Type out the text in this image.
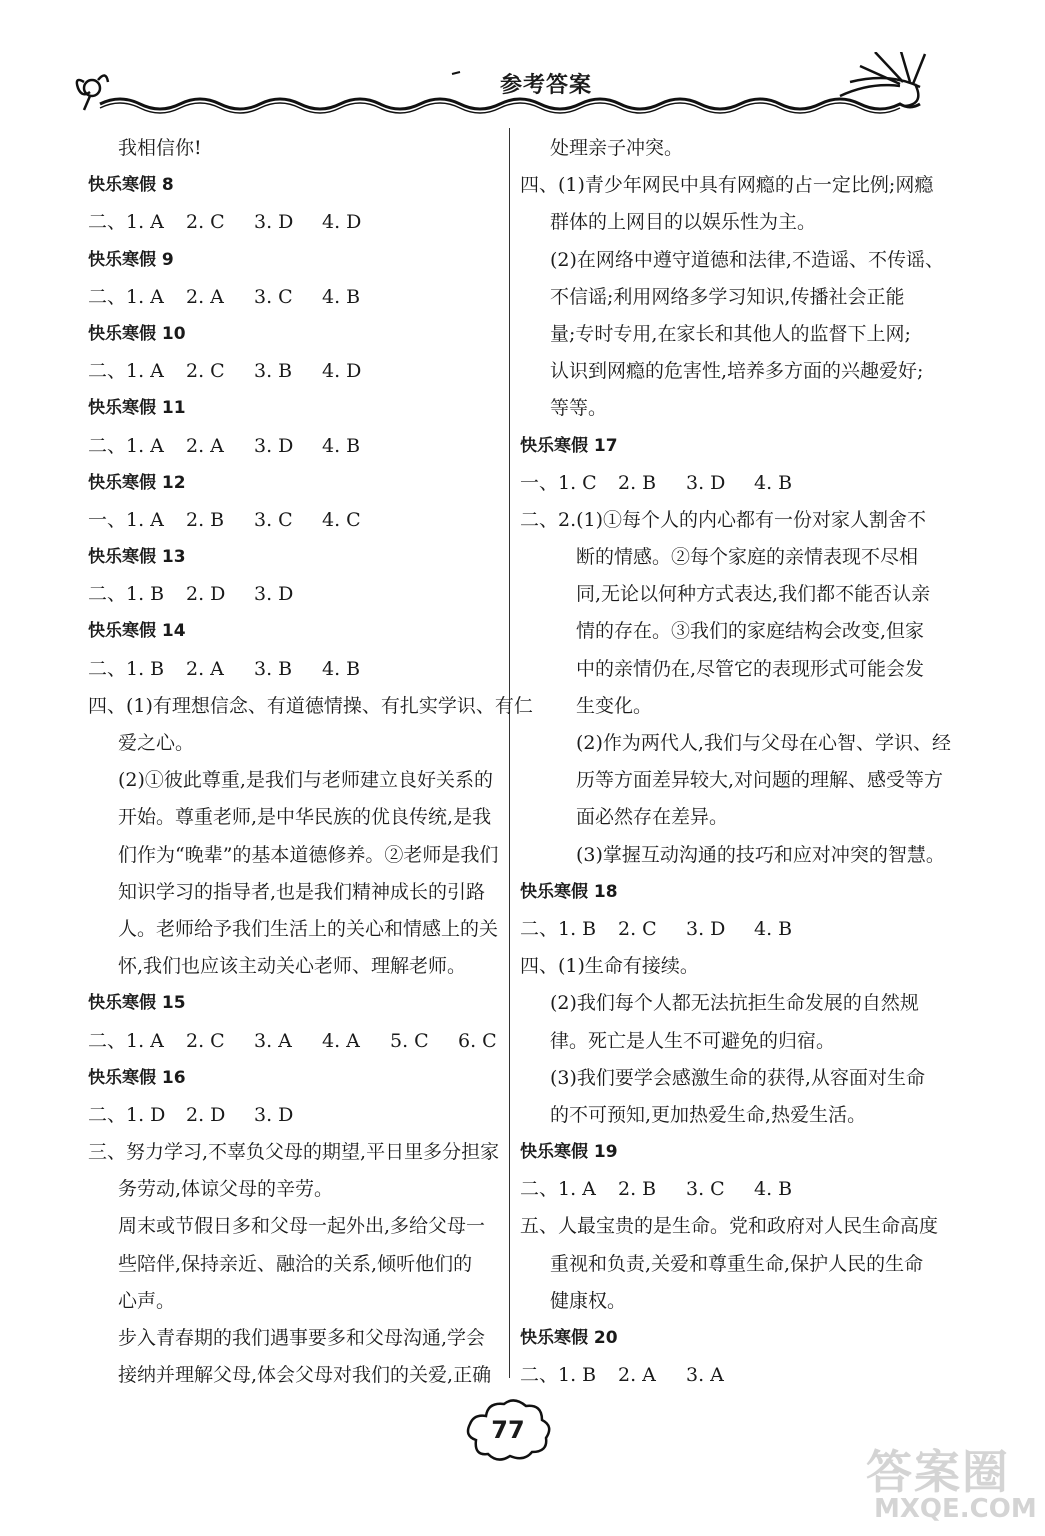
参考答案
我相信你!
快乐寒假 8
二、1. A 2. C 3. D 4. D
快乐寒假 9
二、1. A 2. A 3. C 4. B
快乐寒假 10
二、1. A 2. C 3. B 4. D
快乐寒假 11
二、1. A 2. A 3. D 4. B
快乐寒假 12
一、1. A 2. B 3. C 4. C
快乐寒假 13
二、1. B 2. D 3. D
快乐寒假 14
二、1. B 2. A 3. B 4. B
四、(1)有理想信念、有道德情操、有扎实学识、有仁
爱之心。
(2)①彼此尊重,是我们与老师建立良好关系的
开始。尊重老师,是中华民族的优良传统,是我
们作为“晚辈”的基本道德修养。②老师是我们
知识学习的指导者,也是我们精神成长的引路
人。老师给予我们生活上的关心和情感上的关
怀,我们也应该主动关心老师、理解老师。
快乐寒假 15
二、1. A 2. C 3. A 4. A 5. C 6. C
快乐寒假 16
二、1. D 2. D 3. D
三、努力学习,不辜负父母的期望,平日里多分担家
务劳动,体谅父母的辛劳。
周末或节假日多和父母一起外出,多给父母一
些陪伴,保持亲近、融洽的关系,倾听他们的
心声。
步入青春期的我们遇事要多和父母沟通,学会
接纳并理解父母,体会父母对我们的关爱,正确
处理亲子冲突。
四、(1)青少年网民中具有网瘾的占一定比例;网瘾
群体的上网目的以娱乐性为主。
(2)在网络中遵守道德和法律,不造谣、不传谣、
不信谣;利用网络多学习知识,传播社会正能
量;专时专用,在家长和其他人的监督下上网;
认识到网瘾的危害性,培养多方面的兴趣爱好;
等等。
快乐寒假 17
一、1. C 2. B 3. D 4. B
二、2.(1)①每个人的内心都有一份对家人割舍不
断的情感。②每个家庭的亲情表现不尽相
同,无论以何种方式表达,我们都不能否认亲
情的存在。③我们的家庭结构会改变,但家
中的亲情仍在,尽管它的表现形式可能会发
生变化。
(2)作为两代人,我们与父母在心智、学识、经
历等方面差异较大,对问题的理解、感受等方
面必然存在差异。
(3)掌握互动沟通的技巧和应对冲突的智慧。
快乐寒假 18
二、1. B 2. C 3. D 4. B
四、(1)生命有接续。
(2)我们每个人都无法抗拒生命发展的自然规
律。死亡是人生不可避免的归宿。
(3)我们要学会感激生命的获得,从容面对生命
的不可预知,更加热爱生命,热爱生活。
快乐寒假 19
二、1. A 2. B 3. C 4. B
五、人最宝贵的是生命。党和政府对人民生命高度
重视和负责,关爱和尊重生命,保护人民的生命
健康权。
快乐寒假 20
二、1. B 2. A 3. A
77
答案圈
MXQE.COM
